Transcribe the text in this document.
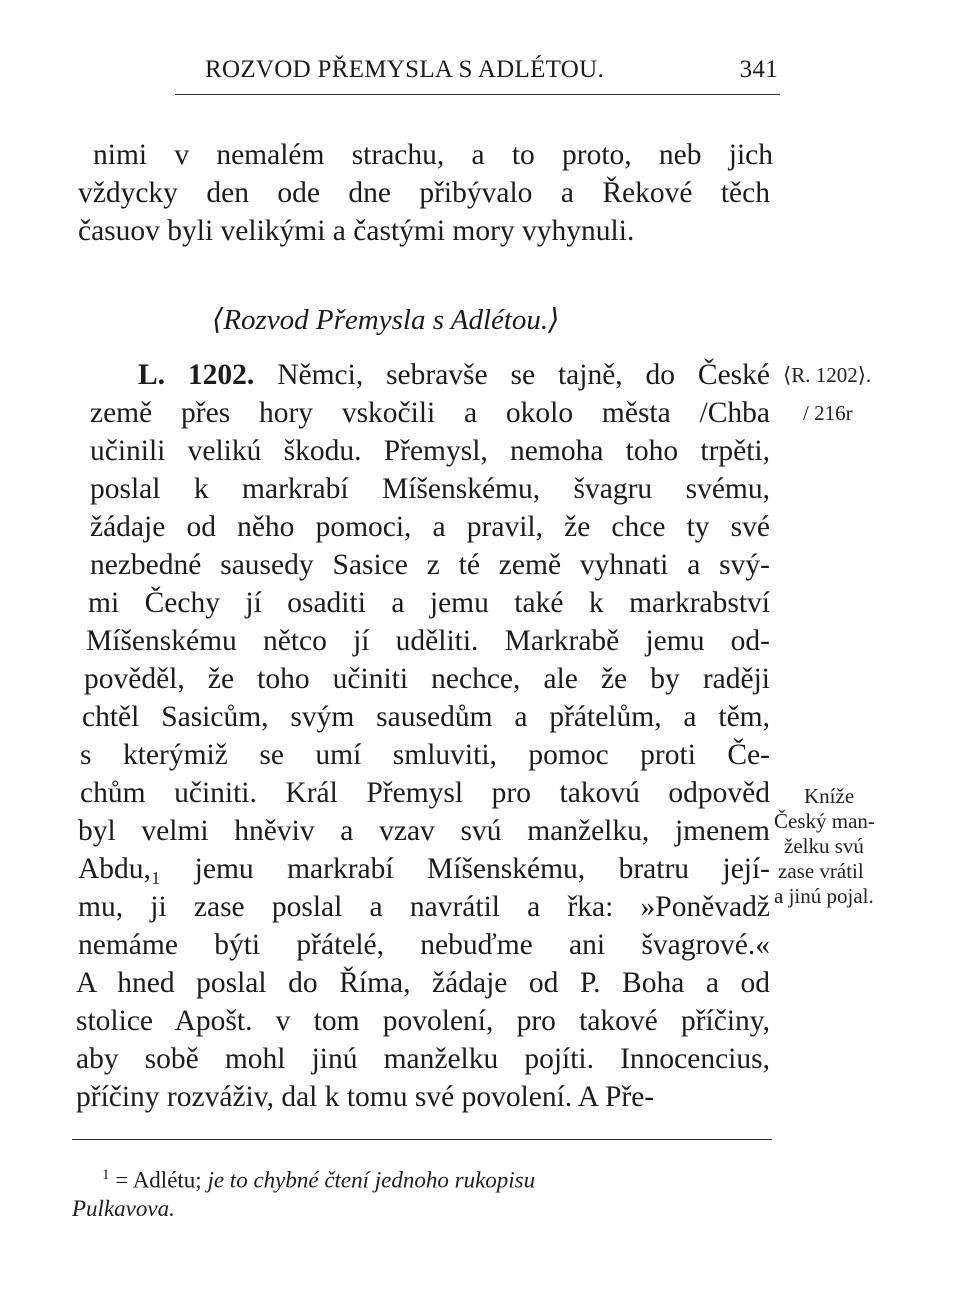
ROZVOD PŘEMYSLA S ADLÉTOU.	341
nimi v nemalém strachu, a to proto, neb jich
vždycky den ode dne přibývalo a Řekové těch
časuov byli velikými a častými mory vyhynuli.
⟨Rozvod Přemysla s Adlétou.⟩
L. 1202. Němci, sebravše se tajně, do České
země přes hory vskočili a okolo města /Chba
učinili velikú škodu. Přemysl, nemoha toho trpěti,
poslal k markrabí Míšenskému, švagru svému,
žádaje od něho pomoci, a pravil, že chce ty své
nezbedné sausedy Sasice z té země vyhnati a svý-
mi Čechy jí osaditi a jemu také k markrabství
Míšenskému nětco jí uděliti. Markrabě jemu od-
pověděl, že toho učiniti nechce, ale že by raději
chtěl Sasicům, svým sausedům a přátelům, a těm,
s kterýmiž se umí smluviti, pomoc proti Če-
chům učiniti. Král Přemysl pro takovú odpověd
byl velmi hněviv a vzav svú manželku, jmenem
Abdu,₁ jemu markrabí Míšenskému, bratru její-
mu, ji zase poslal a navrátil a řka: »Poněvadž
nemáme býti přátelé, nebuďme ani švagrové.«
A hned poslal do Říma, žádaje od P. Boha a od
stolice Apošt. v tom povolení, pro takové příčiny,
aby sobě mohl jinú manželku pojíti. Innocencius,
příčiny rozváživ, dal k tomu své povolení. A Pře-
⟨R. 1202⟩.
/ 216r
Kníže
Český man-
želku svú
zase vrátil
a jinú pojal.
$^1$ = Adlétu; je to chybné čtení jednoho rukopisu
Pulkavova.
